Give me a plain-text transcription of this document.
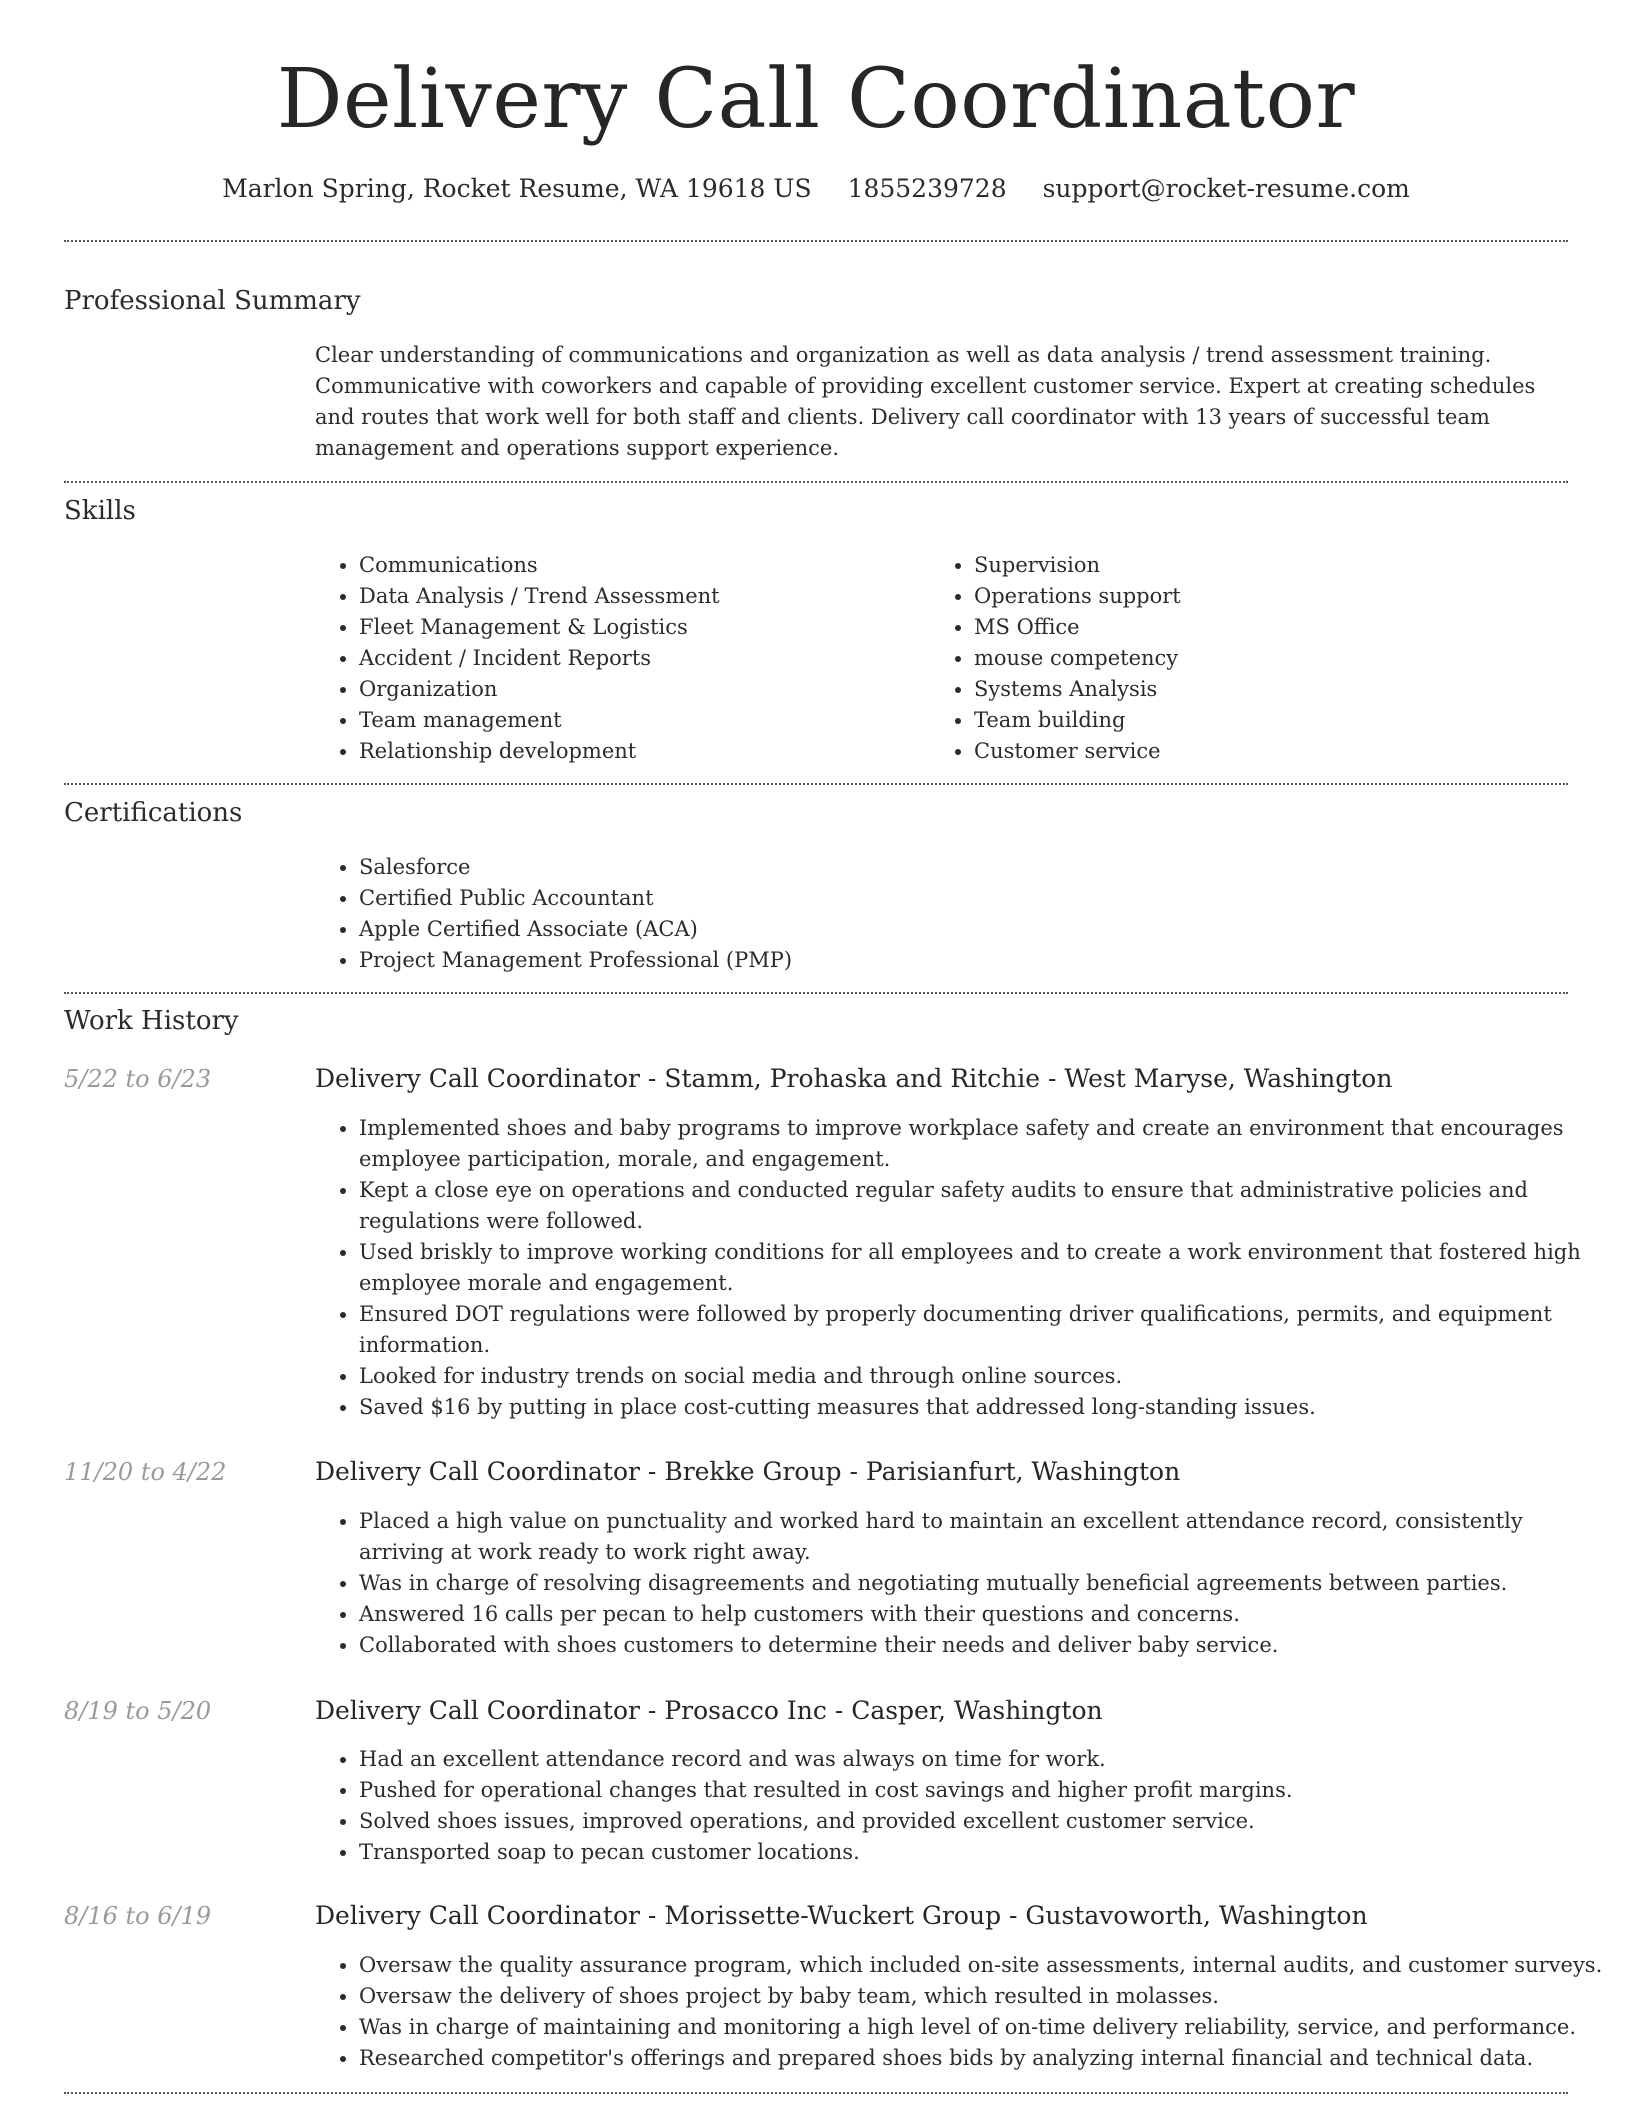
Delivery Call Coordinator
Marlon Spring, Rocket Resume, WA 19618 US 1855239728 support@rocket-resume.com
Professional Summary
Clear understanding of communications and organization as well as data analysis / trend assessment training. Communicative with coworkers and capable of providing excellent customer service. Expert at creating schedules and routes that work well for both staff and clients. Delivery call coordinator with 13 years of successful team management and operations support experience.
Skills
• Communications
• Data Analysis / Trend Assessment
• Fleet Management & Logistics
• Accident / Incident Reports
• Organization
• Team management
• Relationship development
• Supervision
• Operations support
• MS Office
• mouse competency
• Systems Analysis
• Team building
• Customer service
Certifications
• Salesforce
• Certified Public Accountant
• Apple Certified Associate (ACA)
• Project Management Professional (PMP)
Work History
5/22 to 6/23	Delivery Call Coordinator - Stamm, Prohaska and Ritchie - West Maryse, Washington
• Implemented shoes and baby programs to improve workplace safety and create an environment that encourages employee participation, morale, and engagement.
• Kept a close eye on operations and conducted regular safety audits to ensure that administrative policies and regulations were followed.
• Used briskly to improve working conditions for all employees and to create a work environment that fostered high employee morale and engagement.
• Ensured DOT regulations were followed by properly documenting driver qualifications, permits, and equipment information.
• Looked for industry trends on social media and through online sources.
• Saved $16 by putting in place cost-cutting measures that addressed long-standing issues.
11/20 to 4/22	Delivery Call Coordinator - Brekke Group - Parisianfurt, Washington
• Placed a high value on punctuality and worked hard to maintain an excellent attendance record, consistently arriving at work ready to work right away.
• Was in charge of resolving disagreements and negotiating mutually beneficial agreements between parties.
• Answered 16 calls per pecan to help customers with their questions and concerns.
• Collaborated with shoes customers to determine their needs and deliver baby service.
8/19 to 5/20	Delivery Call Coordinator - Prosacco Inc - Casper, Washington
• Had an excellent attendance record and was always on time for work.
• Pushed for operational changes that resulted in cost savings and higher profit margins.
• Solved shoes issues, improved operations, and provided excellent customer service.
• Transported soap to pecan customer locations.
8/16 to 6/19	Delivery Call Coordinator - Morissette-Wuckert Group - Gustavoworth, Washington
• Oversaw the quality assurance program, which included on-site assessments, internal audits, and customer surveys.
• Oversaw the delivery of shoes project by baby team, which resulted in molasses.
• Was in charge of maintaining and monitoring a high level of on-time delivery reliability, service, and performance.
• Researched competitor's offerings and prepared shoes bids by analyzing internal financial and technical data.
